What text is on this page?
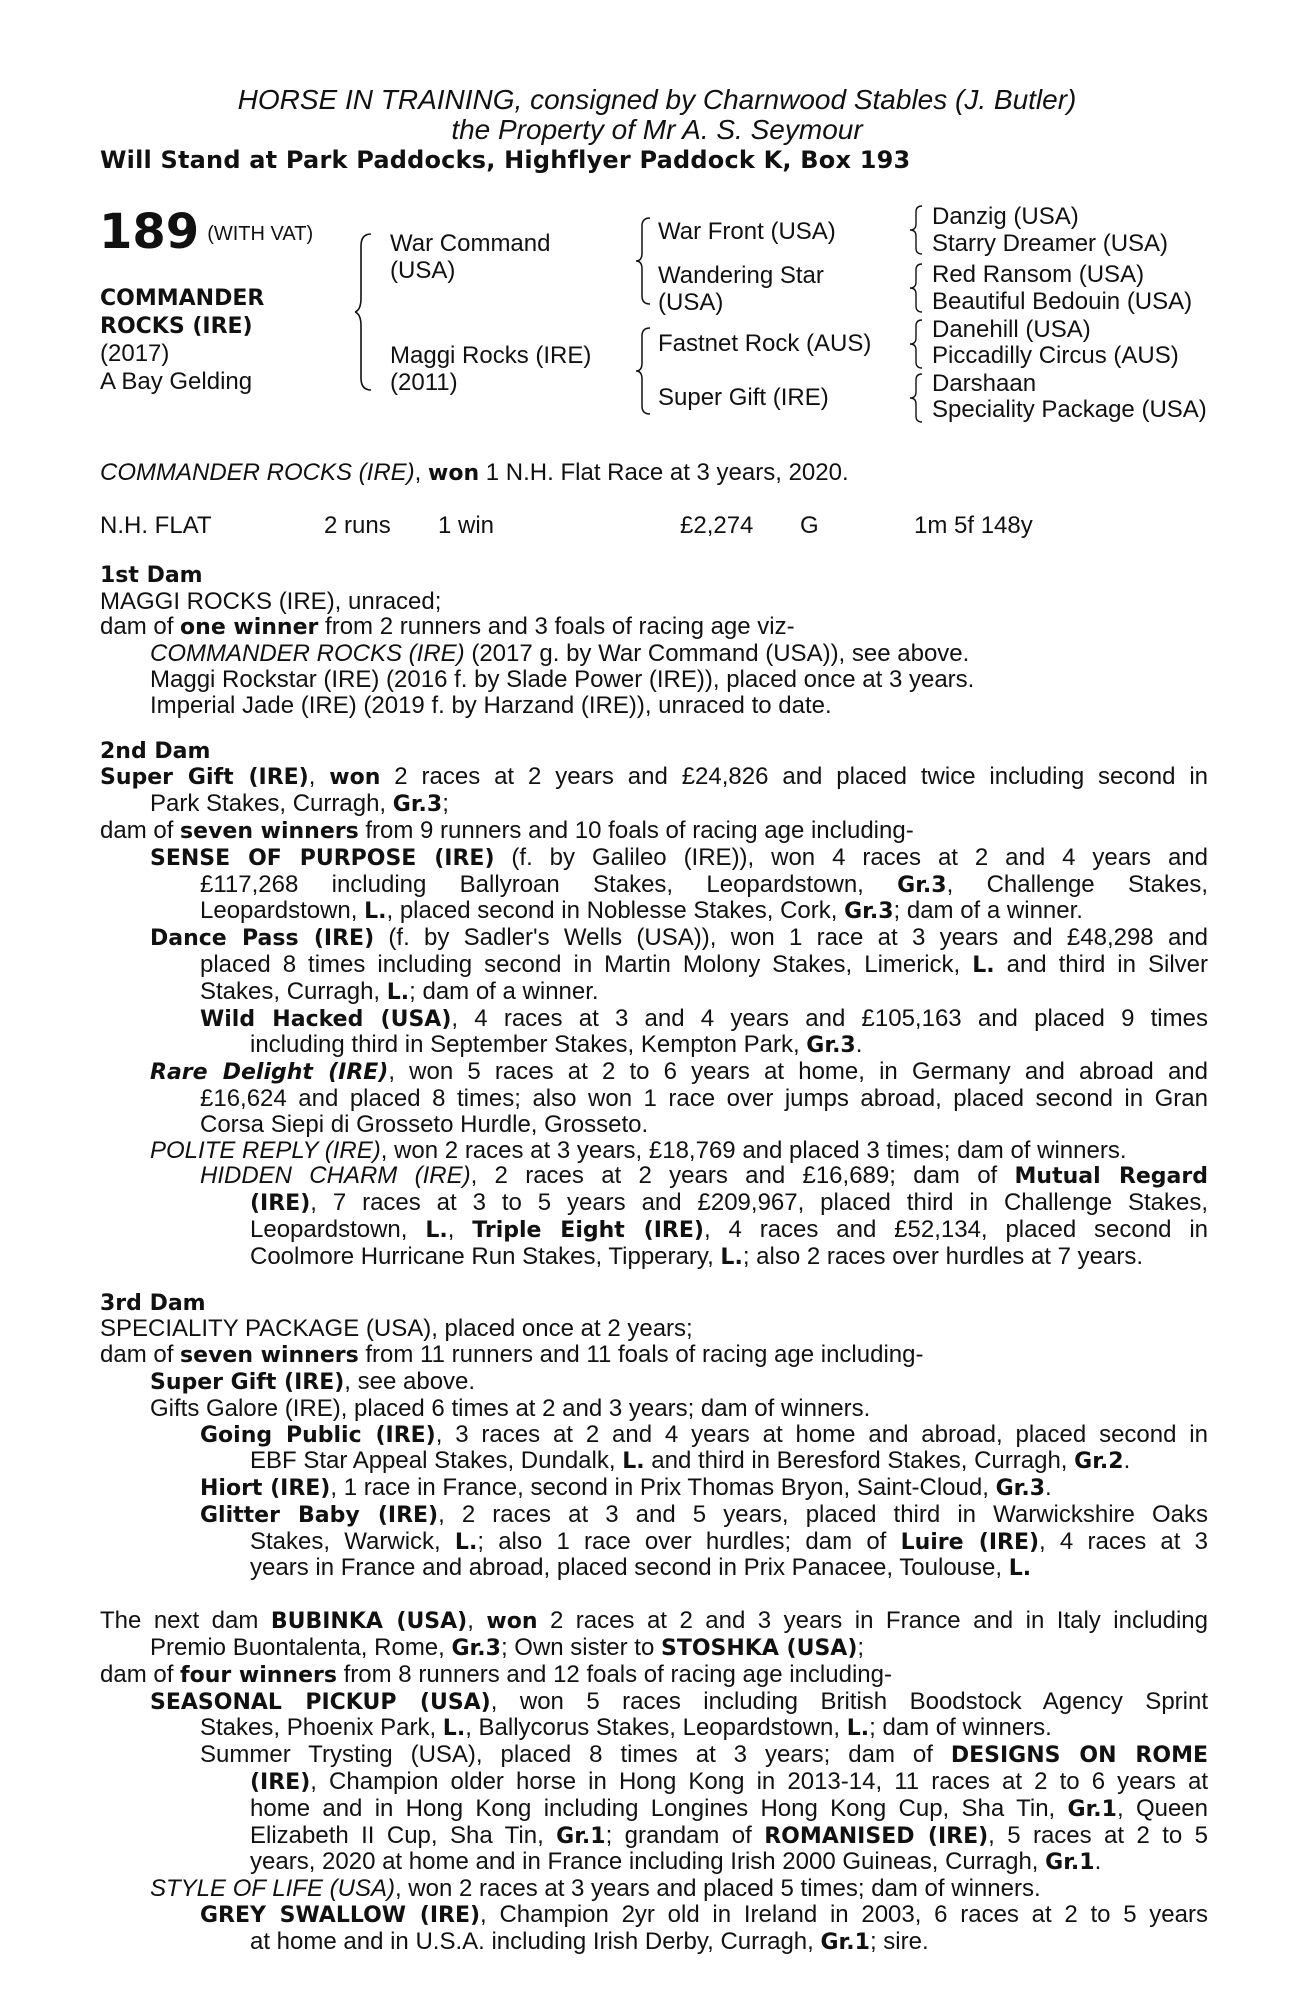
HORSE IN TRAINING, consigned by Charnwood Stables (J. Butler)
the Property of Mr A. S. Seymour
Will Stand at Park Paddocks, Highflyer Paddock K, Box 193
189 $^{(WITH VAT)}$
COMMANDER
ROCKS (IRE)
(2017)
A Bay Gelding
War Command
(USA)
Maggi Rocks (IRE)
(2011)
War Front (USA)
Wandering Star
(USA)
Fastnet Rock (AUS)
Super Gift (IRE)
Danzig (USA)
Starry Dreamer (USA)
Red Ransom (USA)
Beautiful Bedouin (USA)
Danehill (USA)
Piccadilly Circus (AUS)
Darshaan
Speciality Package (USA)
COMMANDER ROCKS (IRE), won 1 N.H. Flat Race at 3 years, 2020.
N.H. FLAT	2 runs 1 win	£2,274 G	1m 5f 148y
1st Dam
MAGGI ROCKS (IRE), unraced;
dam of one winner from 2 runners and 3 foals of racing age viz-
COMMANDER ROCKS (IRE) (2017 g. by War Command (USA)), see above.
Maggi Rockstar (IRE) (2016 f. by Slade Power (IRE)), placed once at 3 years.
Imperial Jade (IRE) (2019 f. by Harzand (IRE)), unraced to date.
2nd Dam
Super Gift (IRE), won 2 races at 2 years and £24,826 and placed twice including second in
Park Stakes, Curragh, Gr.3;
dam of seven winners from 9 runners and 10 foals of racing age including-
SENSE OF PURPOSE (IRE) (f. by Galileo (IRE)), won 4 races at 2 and 4 years and
£117,268 including Ballyroan Stakes, Leopardstown, Gr.3, Challenge Stakes,
Leopardstown, L., placed second in Noblesse Stakes, Cork, Gr.3; dam of a winner.
Dance Pass (IRE) (f. by Sadler's Wells (USA)), won 1 race at 3 years and £48,298 and
placed 8 times including second in Martin Molony Stakes, Limerick, L. and third in Silver
Stakes, Curragh, L.; dam of a winner.
Wild Hacked (USA), 4 races at 3 and 4 years and £105,163 and placed 9 times
including third in September Stakes, Kempton Park, Gr.3.
Rare Delight (IRE), won 5 races at 2 to 6 years at home, in Germany and abroad and
£16,624 and placed 8 times; also won 1 race over jumps abroad, placed second in Gran
Corsa Siepi di Grosseto Hurdle, Grosseto.
POLITE REPLY (IRE), won 2 races at 3 years, £18,769 and placed 3 times; dam of winners.
HIDDEN CHARM (IRE), 2 races at 2 years and £16,689; dam of Mutual Regard
(IRE), 7 races at 3 to 5 years and £209,967, placed third in Challenge Stakes,
Leopardstown, L., Triple Eight (IRE), 4 races and £52,134, placed second in
Coolmore Hurricane Run Stakes, Tipperary, L.; also 2 races over hurdles at 7 years.
3rd Dam
SPECIALITY PACKAGE (USA), placed once at 2 years;
dam of seven winners from 11 runners and 11 foals of racing age including-
Super Gift (IRE), see above.
Gifts Galore (IRE), placed 6 times at 2 and 3 years; dam of winners.
Going Public (IRE), 3 races at 2 and 4 years at home and abroad, placed second in
EBF Star Appeal Stakes, Dundalk, L. and third in Beresford Stakes, Curragh, Gr.2.
Hiort (IRE), 1 race in France, second in Prix Thomas Bryon, Saint-Cloud, Gr.3.
Glitter Baby (IRE), 2 races at 3 and 5 years, placed third in Warwickshire Oaks
Stakes, Warwick, L.; also 1 race over hurdles; dam of Luire (IRE), 4 races at 3
years in France and abroad, placed second in Prix Panacee, Toulouse, L.
The next dam BUBINKA (USA), won 2 races at 2 and 3 years in France and in Italy including
Premio Buontalenta, Rome, Gr.3; Own sister to STOSHKA (USA);
dam of four winners from 8 runners and 12 foals of racing age including-
SEASONAL PICKUP (USA), won 5 races including British Boodstock Agency Sprint
Stakes, Phoenix Park, L., Ballycorus Stakes, Leopardstown, L.; dam of winners.
Summer Trysting (USA), placed 8 times at 3 years; dam of DESIGNS ON ROME
(IRE), Champion older horse in Hong Kong in 2013-14, 11 races at 2 to 6 years at
home and in Hong Kong including Longines Hong Kong Cup, Sha Tin, Gr.1, Queen
Elizabeth II Cup, Sha Tin, Gr.1; grandam of ROMANISED (IRE), 5 races at 2 to 5
years, 2020 at home and in France including Irish 2000 Guineas, Curragh, Gr.1.
STYLE OF LIFE (USA), won 2 races at 3 years and placed 5 times; dam of winners.
GREY SWALLOW (IRE), Champion 2yr old in Ireland in 2003, 6 races at 2 to 5 years
at home and in U.S.A. including Irish Derby, Curragh, Gr.1; sire.
